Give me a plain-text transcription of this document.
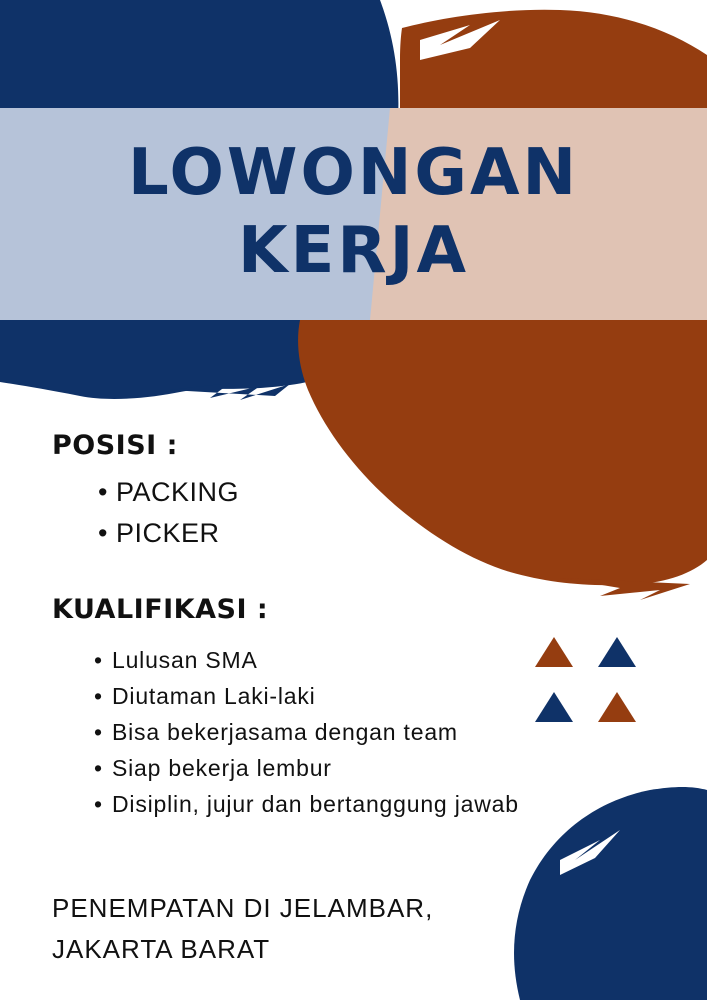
LOWONGAN
KERJA
POSISI :
• PACKING
• PICKER
KUALIFIKASI :
• Lulusan SMA
• Diutaman Laki-laki
• Bisa bekerjasama dengan team
• Siap bekerja lembur
• Disiplin, jujur dan bertanggung jawab
PENEMPATAN DI JELAMBAR,
JAKARTA BARAT
